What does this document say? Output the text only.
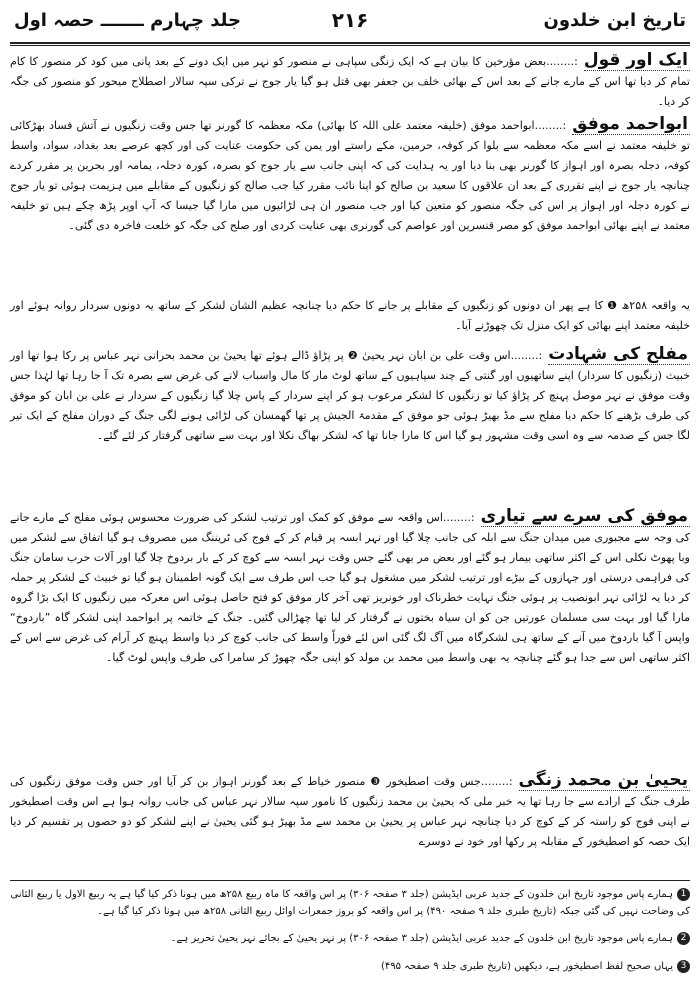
تاریخ ابن خلدون
۲۱۶
جلد چہارم ـــــــ حصہ اول

ایک اور قول:........بعض مؤرخین کا بیان ہے کہ ایک زنگی سپاہی نے منصور کو نہر میں ایک دونے کے بعد پانی میں کود کر منصور کا کام تمام کر دیا تھا اس کے مارے جانے کے بعد اس کے بھائی خلف بن جعفر بھی قتل ہو گیا یار جوج نے ترکی سپہ سالار اصطلاح میحور کو منصور کی جگہ کر دیا۔

ابواحمد موفق:........ابواحمد موفق (خلیفہ معتمد علی اللہ کا بھائی) مکہ معظمہ کا گورنر تھا جس وقت زنگیوں نے آتش فساد بھڑکائی تو خلیفہ معتمد نے اسے مکہ معظمہ سے بلوا کر کوفہ، حرمین، مکے راستے اور یمن کی حکومت عنایت کی اور کچھ عرصے بعد بغداد، سواد، واسط کوفہ، دجلہ بصرہ اور اہواز کا گورنر بھی بنا دیا اور یہ ہدایت کی کہ اپنی جانب سے یار جوج کو بصرہ، کورہ دجلہ، یمامہ اور بحرین پر مقرر کردے چنانچہ یار جوج نے اپنے تقرری کے بعد ان علاقوں کا سعید بن صالح کو اپنا نائب مقرر کیا جب صالح کو زنگیوں کے مقابلے میں ہزیمت ہوئی تو یار جوج نے کورہ دجلہ اور اہواز پر اس کی جگہ منصور کو متعین کیا اور جب منصور ان ہی لڑائیوں میں مارا گیا جیسا کہ آپ اوپر پڑھ چکے ہیں تو خلیفہ معتمد نے اپنے بھائی ابواحمد موفق کو مصر قنسرین اور عواصم کی گورنری بھی عنایت کردی اور صلح کی جگہ کو خلعت فاخرہ دی گئی۔

یہ واقعہ ۲۵۸ھ ❶ کا ہے پھر ان دونوں کو زنگیوں کے مقابلے پر جانے کا حکم دیا چنانچہ عظیم الشان لشکر کے ساتھ یہ دونوں سردار روانہ ہوئے اور خلیفہ معتمد اپنے بھائی کو ایک منزل تک چھوڑنے آیا۔

مفلح کی شہادت:........اس وقت علی بن ابان نہر یحییٰ ❷ پر پڑاؤ ڈالے ہوئے تھا یحییٰ بن محمد بحرانی نہر عباس پر رکا ہوا تھا اور خبیث (زنگیوں کا سردار) اپنے ساتھیوں اور گنتی کے چند سپاہیوں کے ساتھ لوٹ مار کا مال واسباب لانے کی غرض سے بصرہ تک آ جا رہا تھا لہٰذا جس وقت موفق نے نہر موصل پہنچ کر پڑاؤ کیا تو زنگیوں کا لشکر مرعوب ہو کر اپنے سردار کے پاس چلا گیا زنگیوں کے سردار نے علی بن ابان کو موفق کی طرف بڑھنے کا حکم دیا مفلح سے مڈ بھیڑ ہوئی جو موفق کے مقدمۃ الجیش پر تھا گھمسان کی لڑائی ہونے لگی جنگ کے دوران مفلح کے ایک تیر لگا جس کے صدمہ سے وہ اسی وقت مشہور ہو گیا اس کا مارا جانا تھا کہ لشکر بھاگ نکلا اور بہت سے ساتھی گرفتار کر لئے گئے۔

موفق کی سرے سے تیاری:........اس واقعہ سے موفق کو کمک اور ترتیب لشکر کی ضرورت محسوس ہوئی مفلح کے مارے جانے کی وجہ سے مجبوری میں میدان جنگ سے ابلہ کی جانب چلا گیا اور نہر ابسہ پر قیام کر کے فوج کی ٹریننگ میں مصروف ہو گیا اتفاق سے لشکر میں وبا پھوٹ نکلی اس کے اکثر ساتھی بیمار ہو گئے اور بعض مر بھی گئے جس وقت نہر ابسہ سے کوچ کر کے بار بردوخ چلا گیا اور آلات حرب سامان جنگ کی فراہمی درستی اور جہازوں کے بیڑے اور ترتیب لشکر میں مشغول ہو گیا جب اس طرف سے ایک گونہ اطمینان ہو گیا تو خبیث کے لشکر پر حملہ کر دیا یہ لڑائی نہر ابونصیب پر ہوئی جنگ نہایت خطرناک اور خونریز تھی آخر کار موفق کو فتح حاصل ہوئی اس معرکہ میں زنگیوں کا ایک بڑا گروہ مارا گیا اور بہت سی مسلمان عورتیں جن کو ان سیاہ بختوں نے گرفتار کر لیا تھا چھڑالی گئیں۔ جنگ کے خاتمہ پر ابواحمد اپنی لشکر گاہ ”باردوخ“ واپس آ گیا باردوخ میں آنے کے ساتھ ہی لشکرگاہ میں آگ لگ گئی اس لئے فوراً واسط کی جانب کوچ کر دیا واسط پہنچ کر آرام کی غرض سے اس کے اکثر ساتھی اس سے جدا ہو گئے چنانچہ یہ بھی واسط میں محمد بن مولد کو اپنی جگہ چھوڑ کر سامرا کی طرف واپس لوٹ گیا۔

یحییٰ بن محمد زنگی:........جس وقت اصطیخور ❸ منصور خیاط کے بعد گورنر اہواز بن کر آیا اور جس وقت موفق زنگیوں کی طرف جنگ کے ارادے سے جا رہا تھا یہ خبر ملی کہ یحییٰ بن محمد زنگیوں کا نامور سپہ سالار نہر عباس کی جانب روانہ ہوا ہے اس وقت اصطیخور نے اپنی فوج کو راستہ کر کے کوچ کر دیا چنانچہ نہر عباس پر یحییٰ بن محمد سے مڈ بھیڑ ہو گئی یحییٰ نے اپنے لشکر کو دو حصوں پر تقسیم کر دیا ایک حصہ کو اصطیخور کے مقابلہ پر رکھا اور خود نے دوسرے

1ہمارے پاس موجود تاریخ ابن خلدون کے جدید عربی ایڈیشن (جلد ۳ صفحہ ۳۰۶) پر اس واقعہ کا ماہ ربیع ۲۵۸ھ میں ہونا ذکر کیا گیا ہے یہ ربیع الاول یا ربیع الثانی کی وضاحت نہیں کی گئی جبکہ (تاریخ طبری جلد ۹ صفحہ ۴۹۰) پر اس واقعہ کو بروز جمعرات اوائل ربیع الثانی ۲۵۸ھ میں ہونا ذکر کیا گیا ہے۔
2ہمارے پاس موجود تاریخ ابن خلدون کے جدید عربی ایڈیشن (جلد ۳ صفحہ ۳۰۶) پر نہر یحییٰ کے بجائے نہر یحییٰ تحریر ہے۔
3یہاں صحیح لفظ اصطیخور ہے، دیکھیں (تاریخ طبری جلد ۹ صفحہ ۴۹۵)
